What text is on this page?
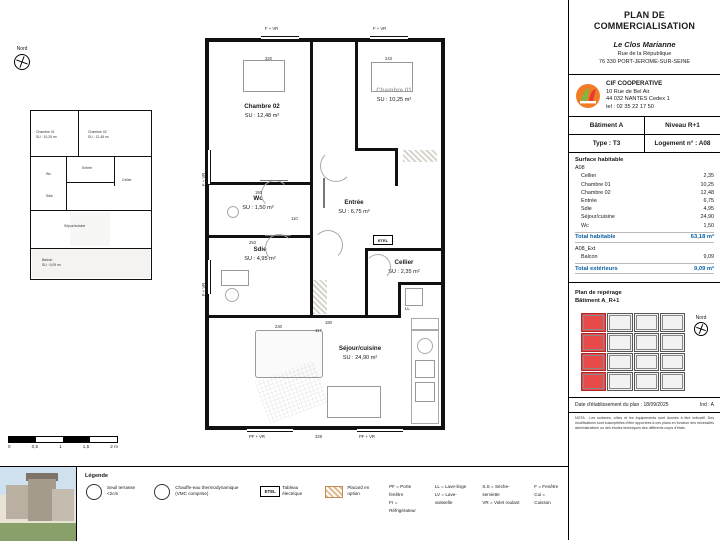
Nord
Chambre 01
SU : 10,25 m²
Chambre 02
SU : 12,48 m²
Entrée
Cellier
Wc
Sdie
Séjour/cuisine
Balcon
SU : 9,09 m²
Chambre 02
SU : 12,48 m²
SU : 10,25 m²
Wc
SU : 1,50 m²
Entrée
SU : 6,75 m²
Sdie
SU : 4,95 m²	Cellier
SU : 2,35 m²
Séjour/cuisine
SU : 24,90 m²
ETEL
LL
320	243
150
110
253
180
117
230
329
F + VR	F + VR
PF + VR	PF + VR
F + VR
F + VR
0	0,5	1	1,5	2 m
Légende
Seuil terrasse <2cm
Chauffe-eau thermodynamique (VMC comprise)	ETEL
Tableau électrique
Placard en option
PF = Porte fenêtre
Fr = Réfrigérateur
LL = Lave-linge
LV = Lave-vaisselle
S.S = Sèche-serviette
VR = Volet roulant
F = Fenêtre
Cui = Cuisson
PLAN DE
COMMERCIALISATION
Le Clos Marianne
Rue de la République
76 330 PORT-JEROME-SUR-SEINE
CIF COOPERATIVE
10 Rue de Bel Air
44 032 NANTES Cedex 1
tel : 02 35 22 17 50
Bâtiment A	Niveau R+1
Type : T3	Logement n° : A08
Surface habitable
A08
Cellier	2,35
Chambre 01	10,25
Chambre 02	12,48
Entrée	6,75
Sdie	4,95
Séjour/cuisine	24,90
Wc	1,50
Total habitable	63,18 m²
A08_Ext
Balcon	9,09
Total extérieurs	9,09 m²
Plan de repérage
Bâtiment A_R+1
Nord
Date d'établissement du plan : 18/09/2025	Ind : A
NOTA : Les surfaces, côtes et les équipements sont donnés à titre indicatif. Des modifications sont susceptibles d'être apportées à ces plans en fonction des nécessités administratives ou des études techniques des différents corps d'états.
